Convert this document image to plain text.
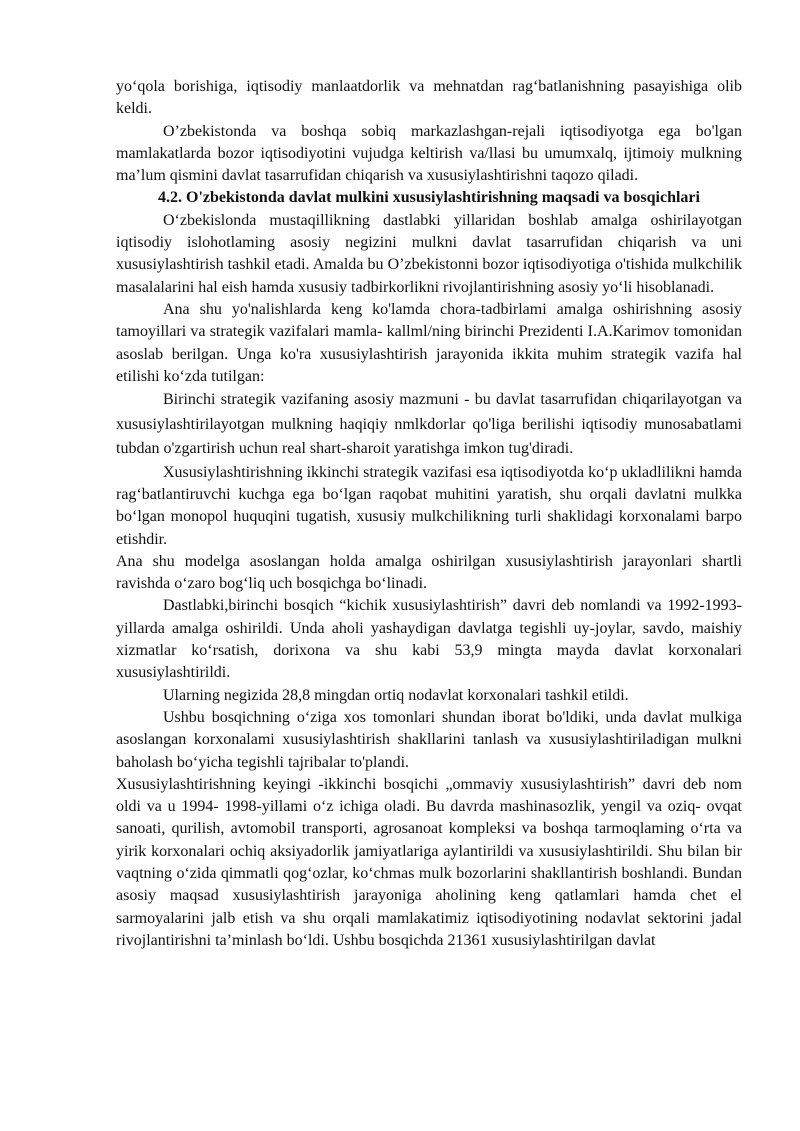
yo‘qola borishiga, iqtisodiy manlaatdorlik va mehnatdan rag‘batlanishning pasayishiga olib keldi.

O’zbekistonda va boshqa sobiq markazlashgan-rejali iqtisodiyotga ega bo'lgan mamlakatlarda bozor iqtisodiyotini vujudga keltirish va/llasi bu umumxalq, ijtimoiy mulkning ma’lum qismini davlat tasarrufidan chiqarish va xususiylashtirishni taqozo qiladi.

4.2. O'zbekistonda davlat mulkini xususiylashtirishning maqsadi va bosqichlari

O‘zbekislonda mustaqillikning dastlabki yillaridan boshlab amalga oshirilayotgan iqtisodiy islohotlaming asosiy negizini mulkni davlat tasarrufidan chiqarish va uni xususiylashtirish tashkil etadi. Amalda bu O’zbekistonni bozor iqtisodiyotiga o'tishida mulkchilik masalalarini hal eish hamda xususiy tadbirkorlikni rivojlantirishning asosiy yo‘li hisoblanadi.

Ana shu yo'nalishlarda keng ko'lamda chora-tadbirlami amalga oshirishning asosiy tamoyillari va strategik vazifalari mamla- kallml/ning birinchi Prezidenti I.A.Karimov tomonidan asoslab berilgan. Unga ko'ra xususiylashtirish jarayonida ikkita muhim strategik vazifa hal etilishi ko‘zda tutilgan:

Birinchi strategik vazifaning asosiy mazmuni - bu davlat tasarrufidan chiqarilayotgan va xususiylashtirilayotgan mulkning haqiqiy nmlkdorlar qo'liga berilishi iqtisodiy munosabatlami tubdan o'zgartirish uchun real shart-sharoit yaratishga imkon tug'diradi.

Xususiylashtirishning ikkinchi strategik vazifasi esa iqtisodiyotda ko‘p ukladlilikni hamda rag‘batlantiruvchi kuchga ega bo‘lgan raqobat muhitini yaratish, shu orqali davlatni mulkka bo‘lgan monopol huquqini tugatish, xususiy mulkchilikning turli shaklidagi korxonalami barpo etishdir.

Ana shu modelga asoslangan holda amalga oshirilgan xususiylashtirish jarayonlari shartli ravishda o‘zaro bog‘liq uch bosqichga bo‘linadi.

Dastlabki,birinchi bosqich “kichik xususiylashtirish” davri deb nomlandi va 1992-1993-yillarda amalga oshirildi. Unda aholi yashaydigan davlatga tegishli uy-joylar, savdo, maishiy xizmatlar ko‘rsatish, dorixona va shu kabi 53,9 mingta mayda davlat korxonalari xususiylashtirildi.

Ularning negizida 28,8 mingdan ortiq nodavlat korxonalari tashkil etildi.

Ushbu bosqichning o‘ziga xos tomonlari shundan iborat bo'ldiki, unda davlat mulkiga asoslangan korxonalami xususiylashtirish shakllarini tanlash va xususiylashtiriladigan mulkni baholash bo‘yicha tegishli tajribalar to'plandi.

Xususiylashtirishning keyingi -ikkinchi bosqichi „ommaviy xususiylashtirish” davri deb nom oldi va u 1994- 1998-yillami o‘z ichiga oladi. Bu davrda mashinasozlik, yengil va oziq- ovqat sanoati, qurilish, avtomobil transporti, agrosanoat kompleksi va boshqa tarmoqlaming o‘rta va yirik korxonalari ochiq aksiyadorlik jamiyatlariga aylantirildi va xususiylashtirildi. Shu bilan bir vaqtning o‘zida qimmatli qog‘ozlar, ko‘chmas mulk bozorlarini shakllantirish boshlandi. Bundan asosiy maqsad xususiylashtirish jarayoniga aholining keng qatlamlari hamda chet el sarmoyalarini jalb etish va shu orqali mamlakatimiz iqtisodiyotining nodavlat sektorini jadal rivojlantirishni ta’minlash bo‘ldi. Ushbu bosqichda 21361 xususiylashtirilgan davlat
